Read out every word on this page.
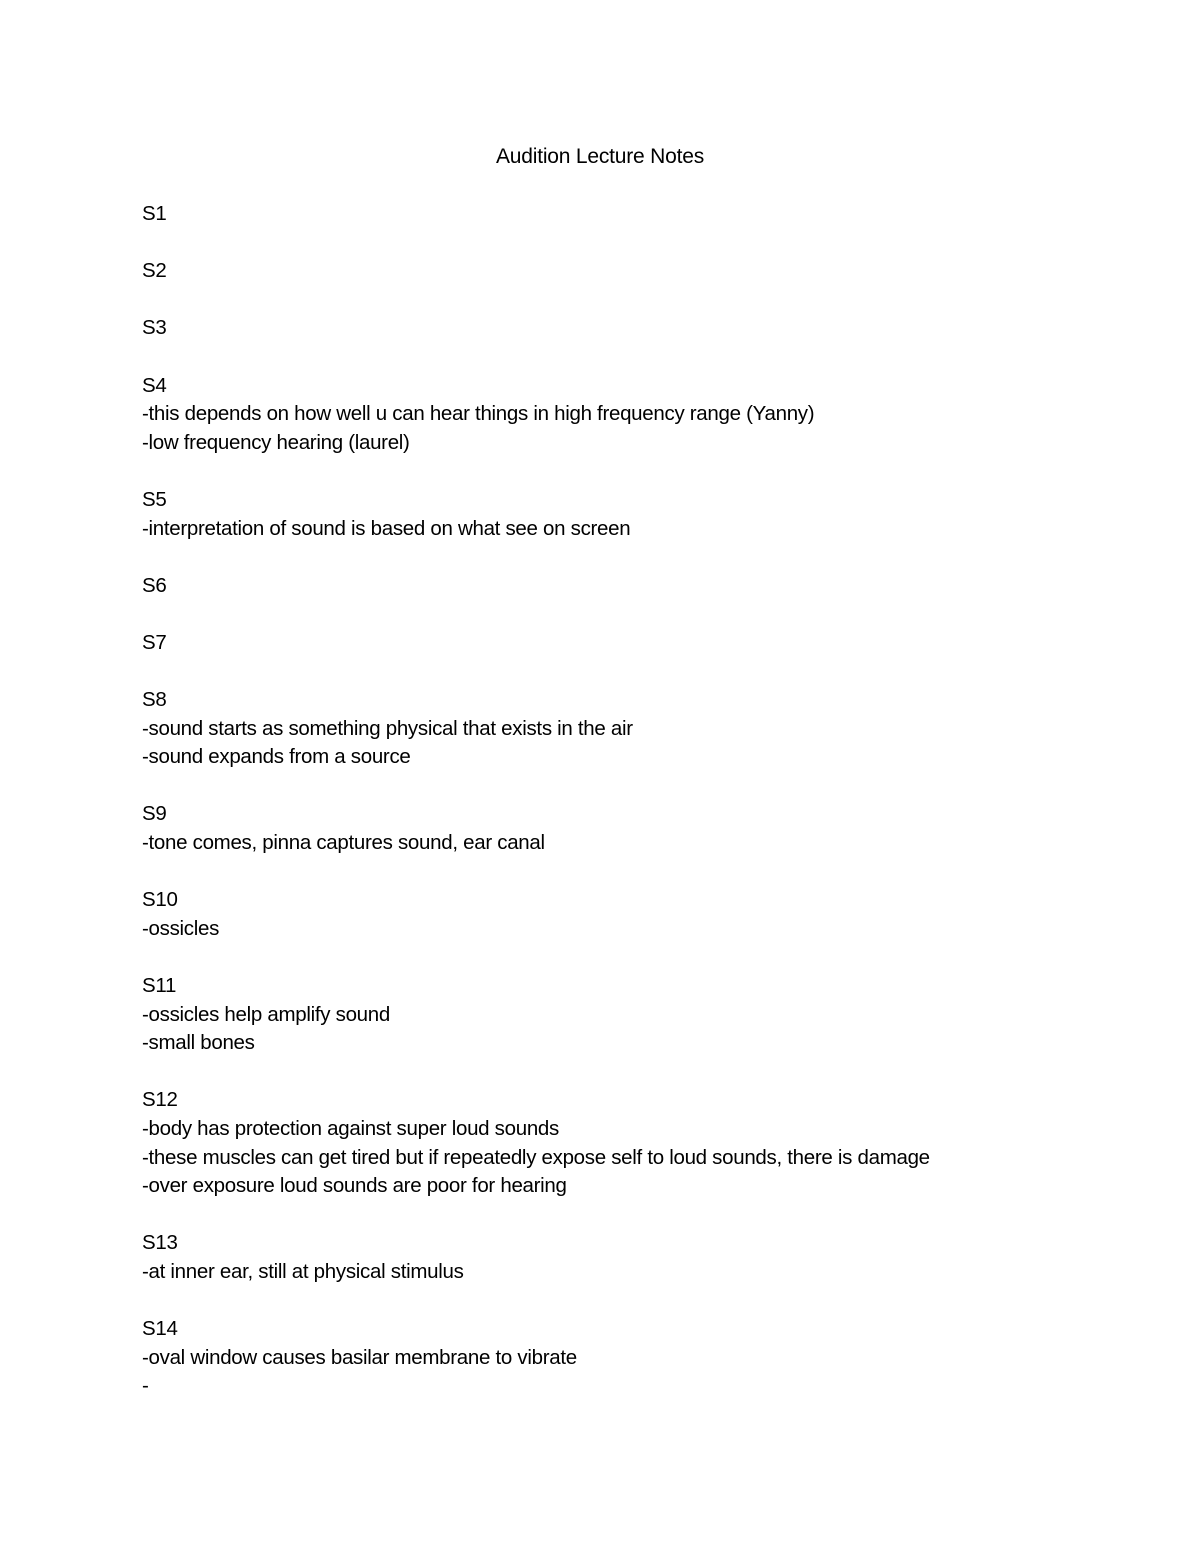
Audition Lecture Notes
S1
S2
S3
S4
-this depends on how well u can hear things in high frequency range (Yanny)
-low frequency hearing (laurel)
S5
-interpretation of sound is based on what see on screen
S6
S7
S8
-sound starts as something physical that exists in the air
-sound expands from a source
S9
-tone comes, pinna captures sound, ear canal
S10
-ossicles
S11
-ossicles help amplify sound
-small bones
S12
-body has protection against super loud sounds
-these muscles can get tired but if repeatedly expose self to loud sounds, there is damage
-over exposure loud sounds are poor for hearing
S13
-at inner ear, still at physical stimulus
S14
-oval window causes basilar membrane to vibrate
-
